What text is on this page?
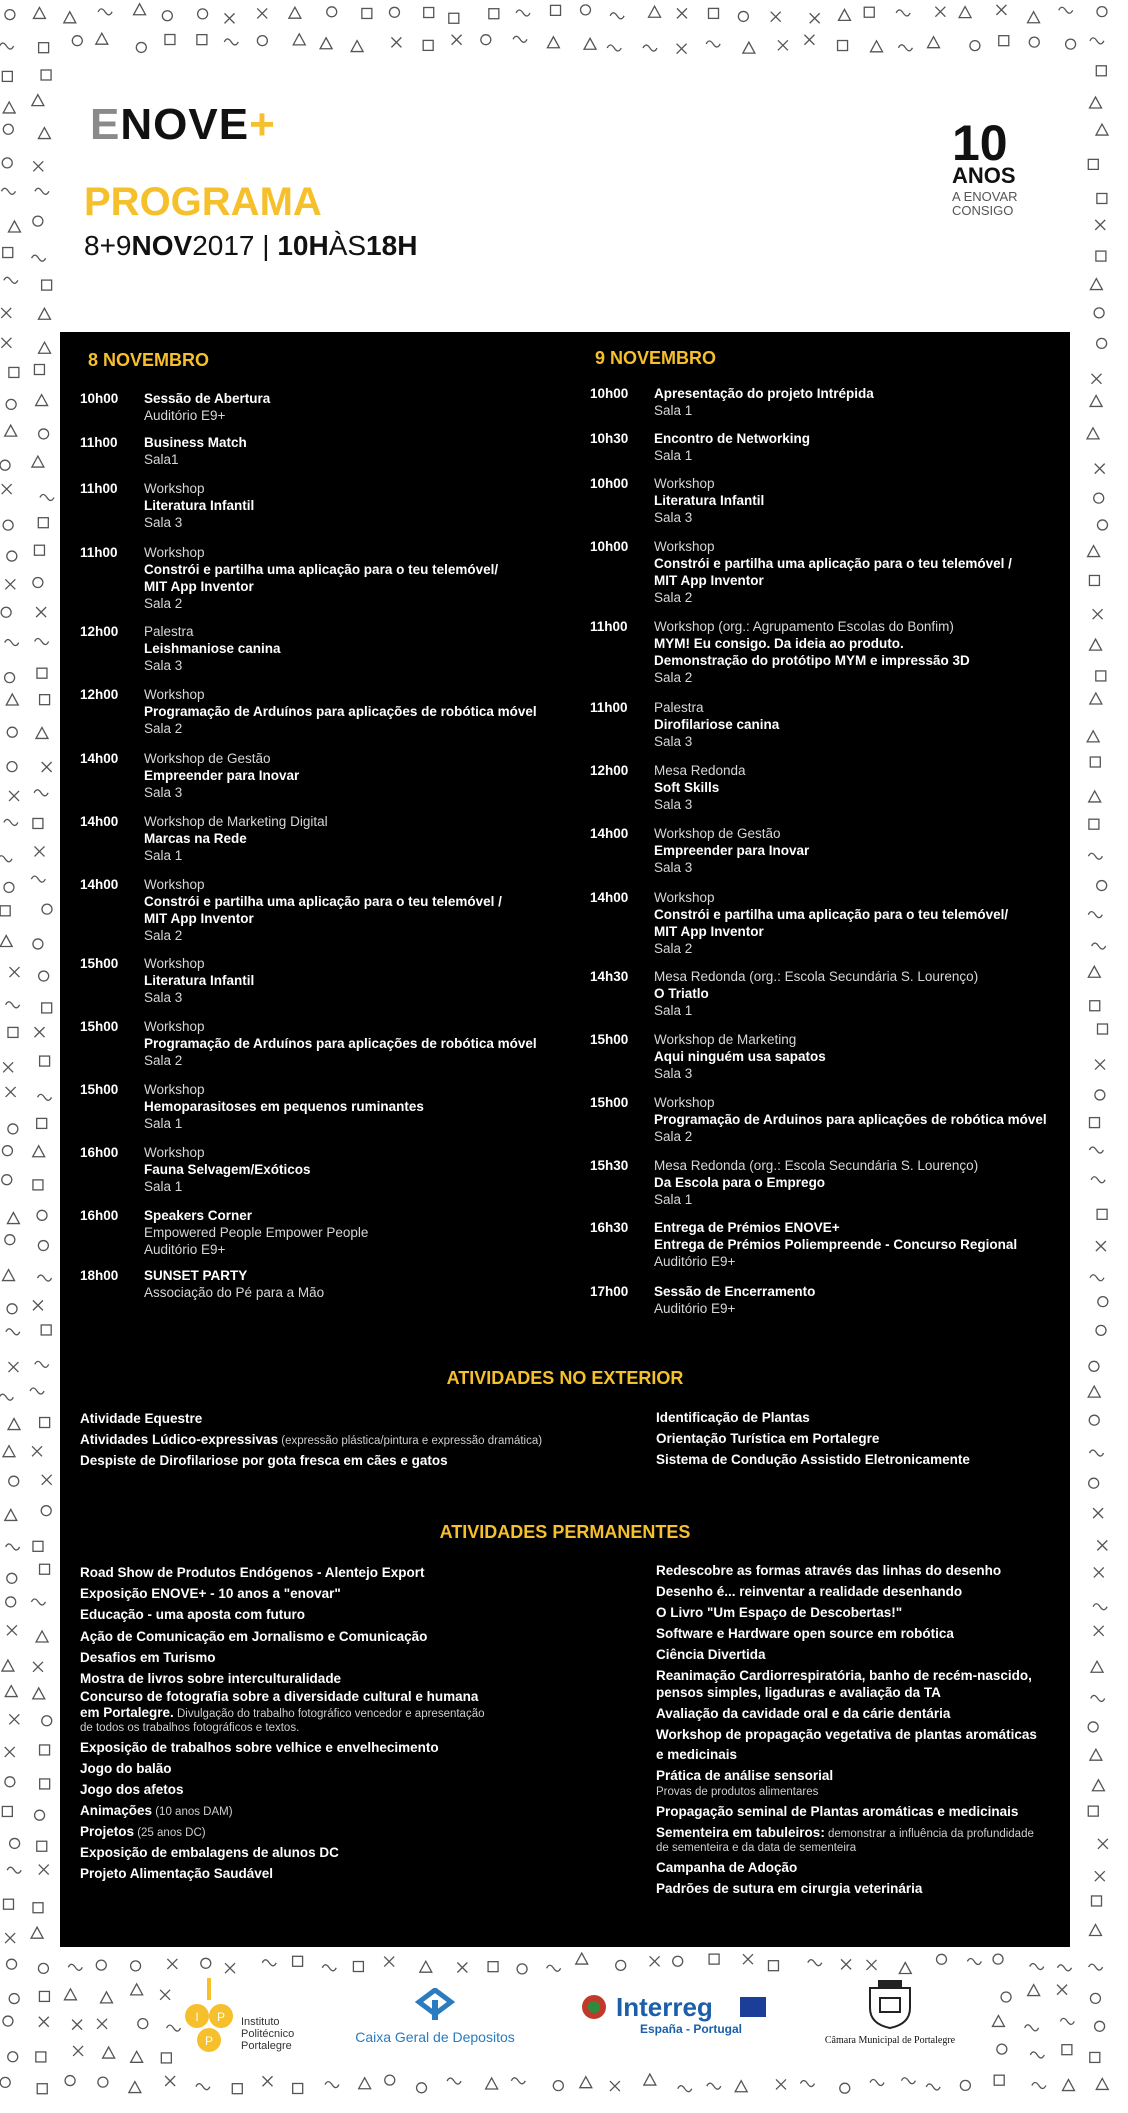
ENOVE+
PROGRAMA
8+9NOV2017 | 10HÀS18H
10
ANOS
A ENOVAR
CONSIGO
8 NOVEMBRO	9 NOVEMBRO
10h00 Sessão de Abertura
Auditório E9+
11h00 Business Match
Sala1
11h00 Workshop
Literatura Infantil
Sala 3
11h00 Workshop
Constrói e partilha uma aplicação para o teu telemóvel/
MIT App Inventor
Sala 2
12h00 Palestra
Leishmaniose canina
Sala 3
12h00 Workshop
Programação de Arduínos para aplicações de robótica móvel
Sala 2
14h00 Workshop de Gestão
Empreender para Inovar
Sala 3
14h00 Workshop de Marketing Digital
Marcas na Rede
Sala 1
14h00 Workshop
Constrói e partilha uma aplicação para o teu telemóvel /
MIT App Inventor
Sala 2
15h00 Workshop
Literatura Infantil
Sala 3
15h00 Workshop
Programação de Arduínos para aplicações de robótica móvel
Sala 2
15h00 Workshop
Hemoparasitoses em pequenos ruminantes
Sala 1
16h00 Workshop
Fauna Selvagem/Exóticos
Sala 1
16h00 Speakers Corner
Empowered People Empower People
Auditório E9+
18h00 SUNSET PARTY
Associação do Pé para a Mão
10h00 Apresentação do projeto Intrépida
Sala 1
10h30 Encontro de Networking
Sala 1
10h00 Workshop
Literatura Infantil
Sala 3
10h00 Workshop
Constrói e partilha uma aplicação para o teu telemóvel /
MIT App Inventor
Sala 2
11h00 Workshop (org.: Agrupamento Escolas do Bonfim)
MYM! Eu consigo. Da ideia ao produto.
Demonstração do protótipo MYM e impressão 3D
Sala 2
11h00 Palestra
Dirofilariose canina
Sala 3
12h00 Mesa Redonda
Soft Skills
Sala 3
14h00 Workshop de Gestão
Empreender para Inovar
Sala 3
14h00 Workshop
Constrói e partilha uma aplicação para o teu telemóvel/
MIT App Inventor
Sala 2
14h30 Mesa Redonda (org.: Escola Secundária S. Lourenço)
O Triatlo
Sala 1
15h00 Workshop de Marketing
Aqui ninguém usa sapatos
Sala 3
15h00 Workshop
Programação de Arduinos para aplicações de robótica móvel
Sala 2
15h30 Mesa Redonda (org.: Escola Secundária S. Lourenço)
Da Escola para o Emprego
Sala 1
16h30 Entrega de Prémios ENOVE+
Entrega de Prémios Poliempreende - Concurso Regional
Auditório E9+
17h00 Sessão de Encerramento
Auditório E9+
ATIVIDADES NO EXTERIOR
Atividade Equestre
Atividades Lúdico-expressivas (expressão plástica/pintura e expressão dramática)
Despiste de Dirofilariose por gota fresca em cães e gatos
Identificação de Plantas
Orientação Turística em Portalegre
Sistema de Condução Assistido Eletronicamente
ATIVIDADES PERMANENTES
Road Show de Produtos Endógenos - Alentejo Export
Exposição ENOVE+ - 10 anos a "enovar"
Educação - uma aposta com futuro
Ação de Comunicação em Jornalismo e Comunicação
Desafios em Turismo
Mostra de livros sobre interculturalidade
Concurso de fotografia sobre a diversidade cultural e humana
em Portalegre. Divulgação do trabalho fotográfico vencedor e apresentação
de todos os trabalhos fotográficos e textos.
Exposição de trabalhos sobre velhice e envelhecimento
Jogo do balão
Jogo dos afetos
Animações (10 anos DAM)
Projetos (25 anos DC)
Exposição de embalagens de alunos DC
Projeto Alimentação Saudável
Redescobre as formas através das linhas do desenho
Desenho é... reinventar a realidade desenhando
O Livro "Um Espaço de Descobertas!"
Software e Hardware open source em robótica
Ciência Divertida
Reanimação Cardiorrespiratória, banho de recém-nascido,
pensos simples, ligaduras e avaliação da TA
Avaliação da cavidade oral e da cárie dentária
Workshop de propagação vegetativa de plantas aromáticas
e medicinais
Prática de análise sensorial
Provas de produtos alimentares
Propagação seminal de Plantas aromáticas e medicinais
Sementeira em tabuleiros: demonstrar a influência da profundidade
de sementeira e da data de sementeira
Campanha de Adoção
Padrões de sutura em cirurgia veterinária
I P
P
Instituto
Politécnico
Portalegre
Caixa Geral de Depositos
Interreg
España - Portugal
Câmara Municipal de Portalegre
